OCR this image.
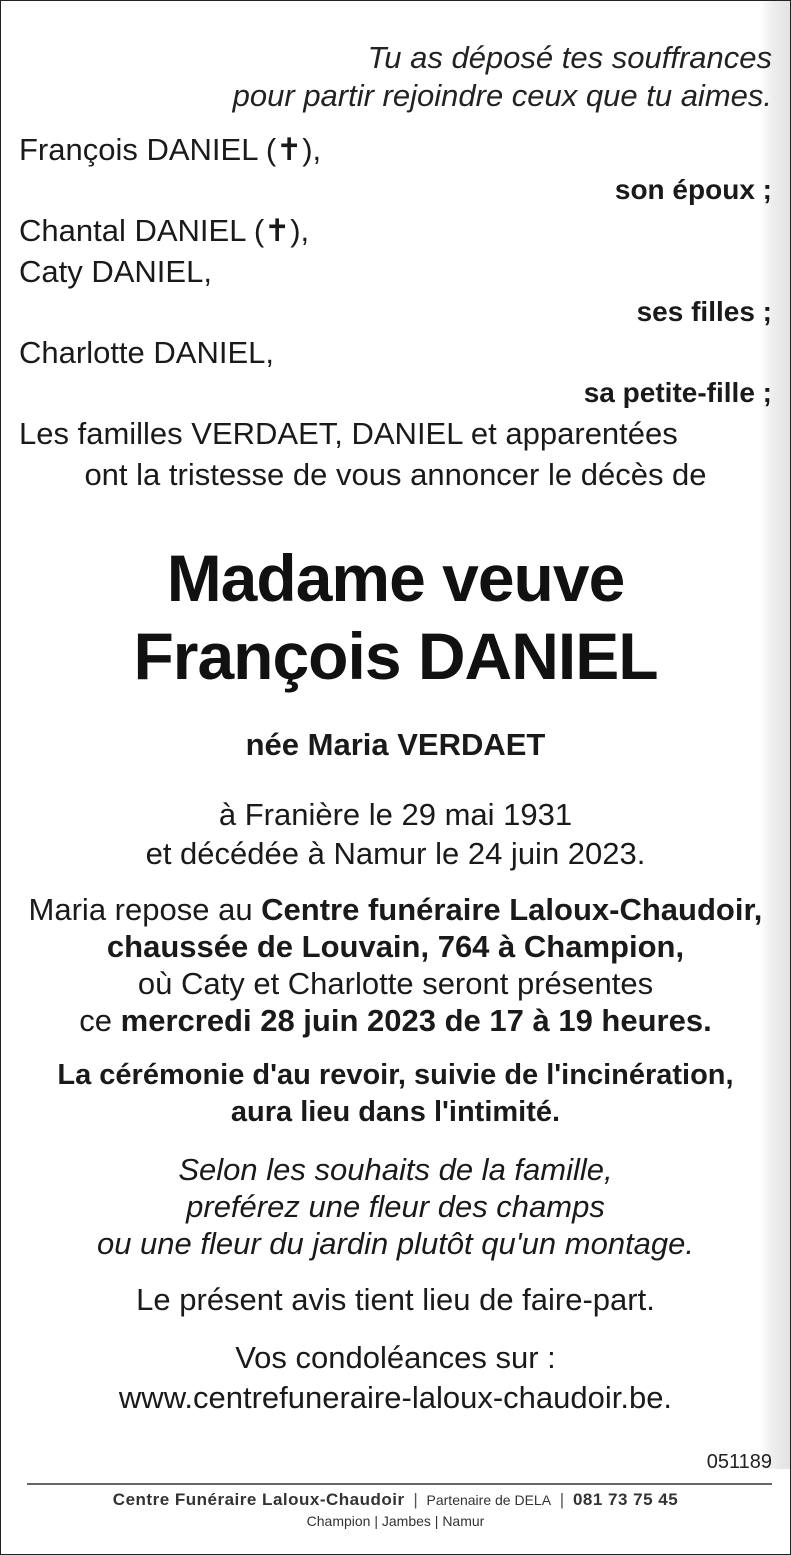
Tu as déposé tes souffrances
pour partir rejoindre ceux que tu aimes.

François DANIEL (✝),

son époux ;

Chantal DANIEL (✝),

Caty DANIEL,

ses filles ;

Charlotte DANIEL,

sa petite-fille ;

Les familles VERDAET, DANIEL et apparentées

ont la tristesse de vous annoncer le décès de

Madame veuve
François DANIEL
née Maria VERDAET
à Franière le 29 mai 1931
et décédée à Namur le 24 juin 2023.
Maria repose au Centre funéraire Laloux-Chaudoir,
chaussée de Louvain, 764 à Champion,
où Caty et Charlotte seront présentes
ce mercredi 28 juin 2023 de 17 à 19 heures.
La cérémonie d'au revoir, suivie de l'incinération,
aura lieu dans l'intimité.
Selon les souhaits de la famille,
preférez une fleur des champs
ou une fleur du jardin plutôt qu'un montage.
Le présent avis tient lieu de faire-part.
Vos condoléances sur :
www.centrefuneraire-laloux-chaudoir.be.
051189
Centre Funéraire Laloux-Chaudoir | Partenaire de DELA | 081 73 75 45
Champion | Jambes | Namur
